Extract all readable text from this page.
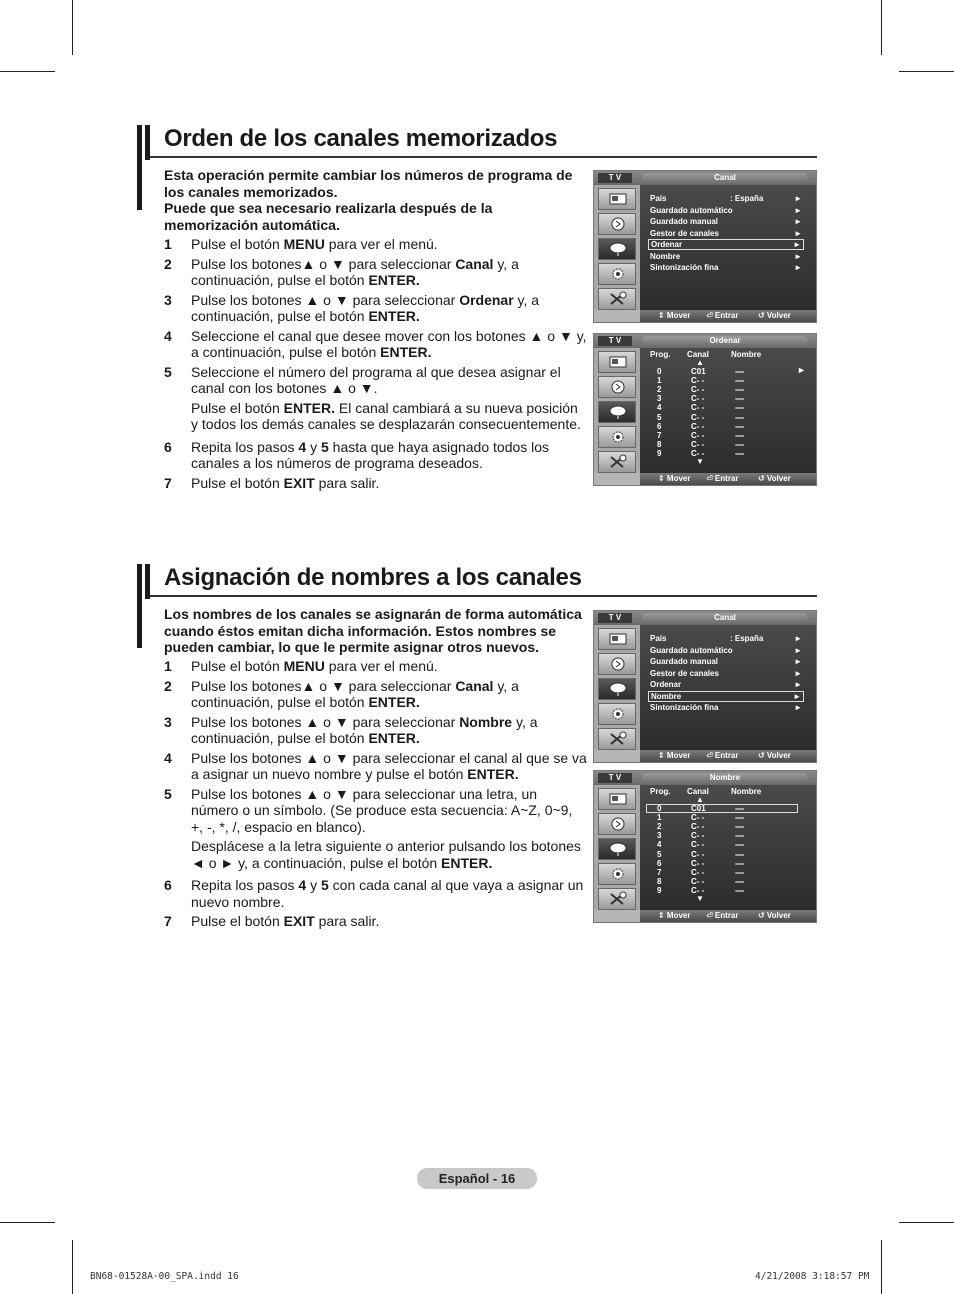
Orden de los canales memorizados
Esta operación permite cambiar los números de programa de los canales memorizados.
Puede que sea necesario realizarla después de la memorización automática.
1	Pulse el botón MENU para ver el menú.
2	Pulse los botones▲ o ▼ para seleccionar Canal y, a continuación, pulse el botón ENTER.
3	Pulse los botones ▲ o ▼ para seleccionar Ordenar y, a continuación, pulse el botón ENTER.
4	Seleccione el canal que desee mover con los botones ▲ o ▼ y, a continuación, pulse el botón ENTER.
5	Seleccione el número del programa al que desea asignar el canal con los botones ▲ o ▼.

Pulse el botón ENTER. El canal cambiará a su nueva posición y todos los demás canales se desplazarán consecuentemente.

6	Repita los pasos 4 y 5 hasta que haya asignado todos los canales a los números de programa deseados.
7	Pulse el botón EXIT para salir.
Asignación de nombres a los canales
Los nombres de los canales se asignarán de forma automática cuando éstos emitan dicha información. Estos nombres se pueden cambiar, lo que le permite asignar otros nuevos.
1	Pulse el botón MENU para ver el menú.
2	Pulse los botones▲ o ▼ para seleccionar Canal y, a continuación, pulse el botón ENTER.
3	Pulse los botones ▲ o ▼ para seleccionar Nombre y, a continuación, pulse el botón ENTER.
4	Pulse los botones ▲ o ▼ para seleccionar el canal al que se va a asignar un nuevo nombre y pulse el botón ENTER.
5	Pulse los botones ▲ o ▼ para seleccionar una letra, un número o un símbolo. (Se produce esta secuencia: A~Z, 0~9, +, -, *, /, espacio en blanco).

Desplácese a la letra siguiente o anterior pulsando los botones ◄ o ► y, a continuación, pulse el botón ENTER.

6	Repita los pasos 4 y 5 con cada canal al que vaya a asignar un nuevo nombre.
7	Pulse el botón EXIT para salir.
T V	Canal
País	: España	►
Guardado automático	►
Guardado manual	►
Gestor de canales	►
Ordenar	►
Nombre	►
Sintonización fina	►
⇕ Mover ⏎ Entrar ↺ Volver
T V	Ordenar
Prog. Canal	Nombre
▲
0	C01	-----
1	C- -	-----
2	C- -	-----
3	C- -	-----
4	C- -	-----
5	C- -	-----
6	C- -	-----
7	C- -	-----
8	C- -	-----
9	C- -	-----
►
▼
⇕ Mover ⏎ Entrar ↺ Volver
T V	Canal
País	: España	►
Guardado automático	►
Guardado manual	►
Gestor de canales	►
Ordenar	►
Nombre	►
Sintonización fina	►
⇕ Mover ⏎ Entrar ↺ Volver
T V	Nombre
Prog. Canal	Nombre
▲
0	C01	-----
1	C- -	-----
2	C- -	-----
3	C- -	-----
4	C- -	-----
5	C- -	-----
6	C- -	-----
7	C- -	-----
8	C- -	-----
9	C- -	-----
▼
⇕ Mover ⏎ Entrar ↺ Volver
Español - 16
BN68-01528A-00_SPA.indd 16	4/21/2008 3:18:57 PM
